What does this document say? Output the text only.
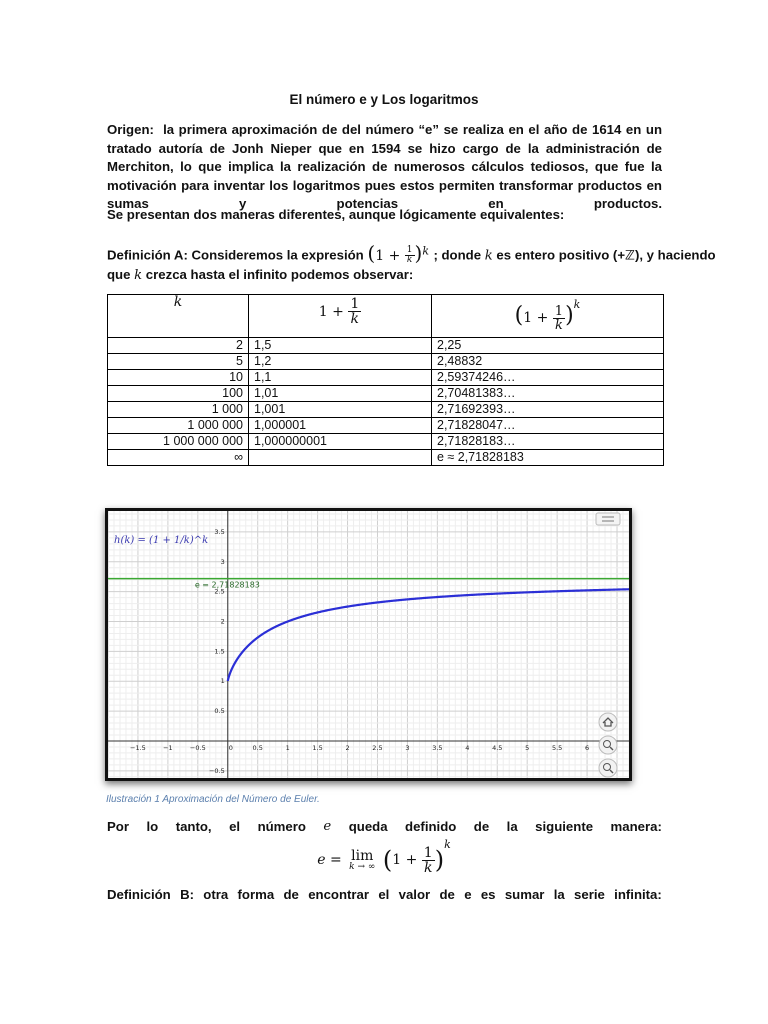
El número e y Los logaritmos
Origen: la primera aproximación de del número “e” se realiza en el año de 1614 en un tratado autoría de Jonh Nieper que en 1594 se hizo cargo de la administración de Merchiton, lo que implica la realización de numerosos cálculos tediosos, que fue la motivación para inventar los logaritmos pues estos permiten transformar productos en sumas y potencias en productos.
Se presentan dos maneras diferentes, aunque lógicamente equivalentes:
Definición A: Consideremos la expresión $(1 + \frac{1}{k} )^k$ ; donde k es entero positivo (+ℤ), y haciendo
que k crezca hasta el infinito podemos observar:
k	$1 + \frac{1}{k}$	$(1 + \frac{1}{k} )^k$
2	1,5	2,25
5	1,2	2,48832
10	1,1	2,59374246…
100	1,01	2,70481383…
1 000	1,001	2,71692393…
1 000 000	1,000001	2,71828047…
1 000 000 000	1,000000001	2,71828183…
∞		e ≈ 2,71828183
−1.5	−1	−0.5	0	0.5	1	1.5	2	2.5	3	3.5	4	4.5	5	5.5	6
3.5
3
2.5
2
1.5
1
0.5
−0.5
e = 2,71828183
h(k) = (1 + 1/k)^k
Ilustración 1 Aproximación del Número de Euler.
Por lo tanto, el número e queda definido de la siguiente manera:
e = lim
k → ∞ $(1 + \frac{1}{k} )^k$
Definición B: otra forma de encontrar el valor de e es sumar la serie infinita:
